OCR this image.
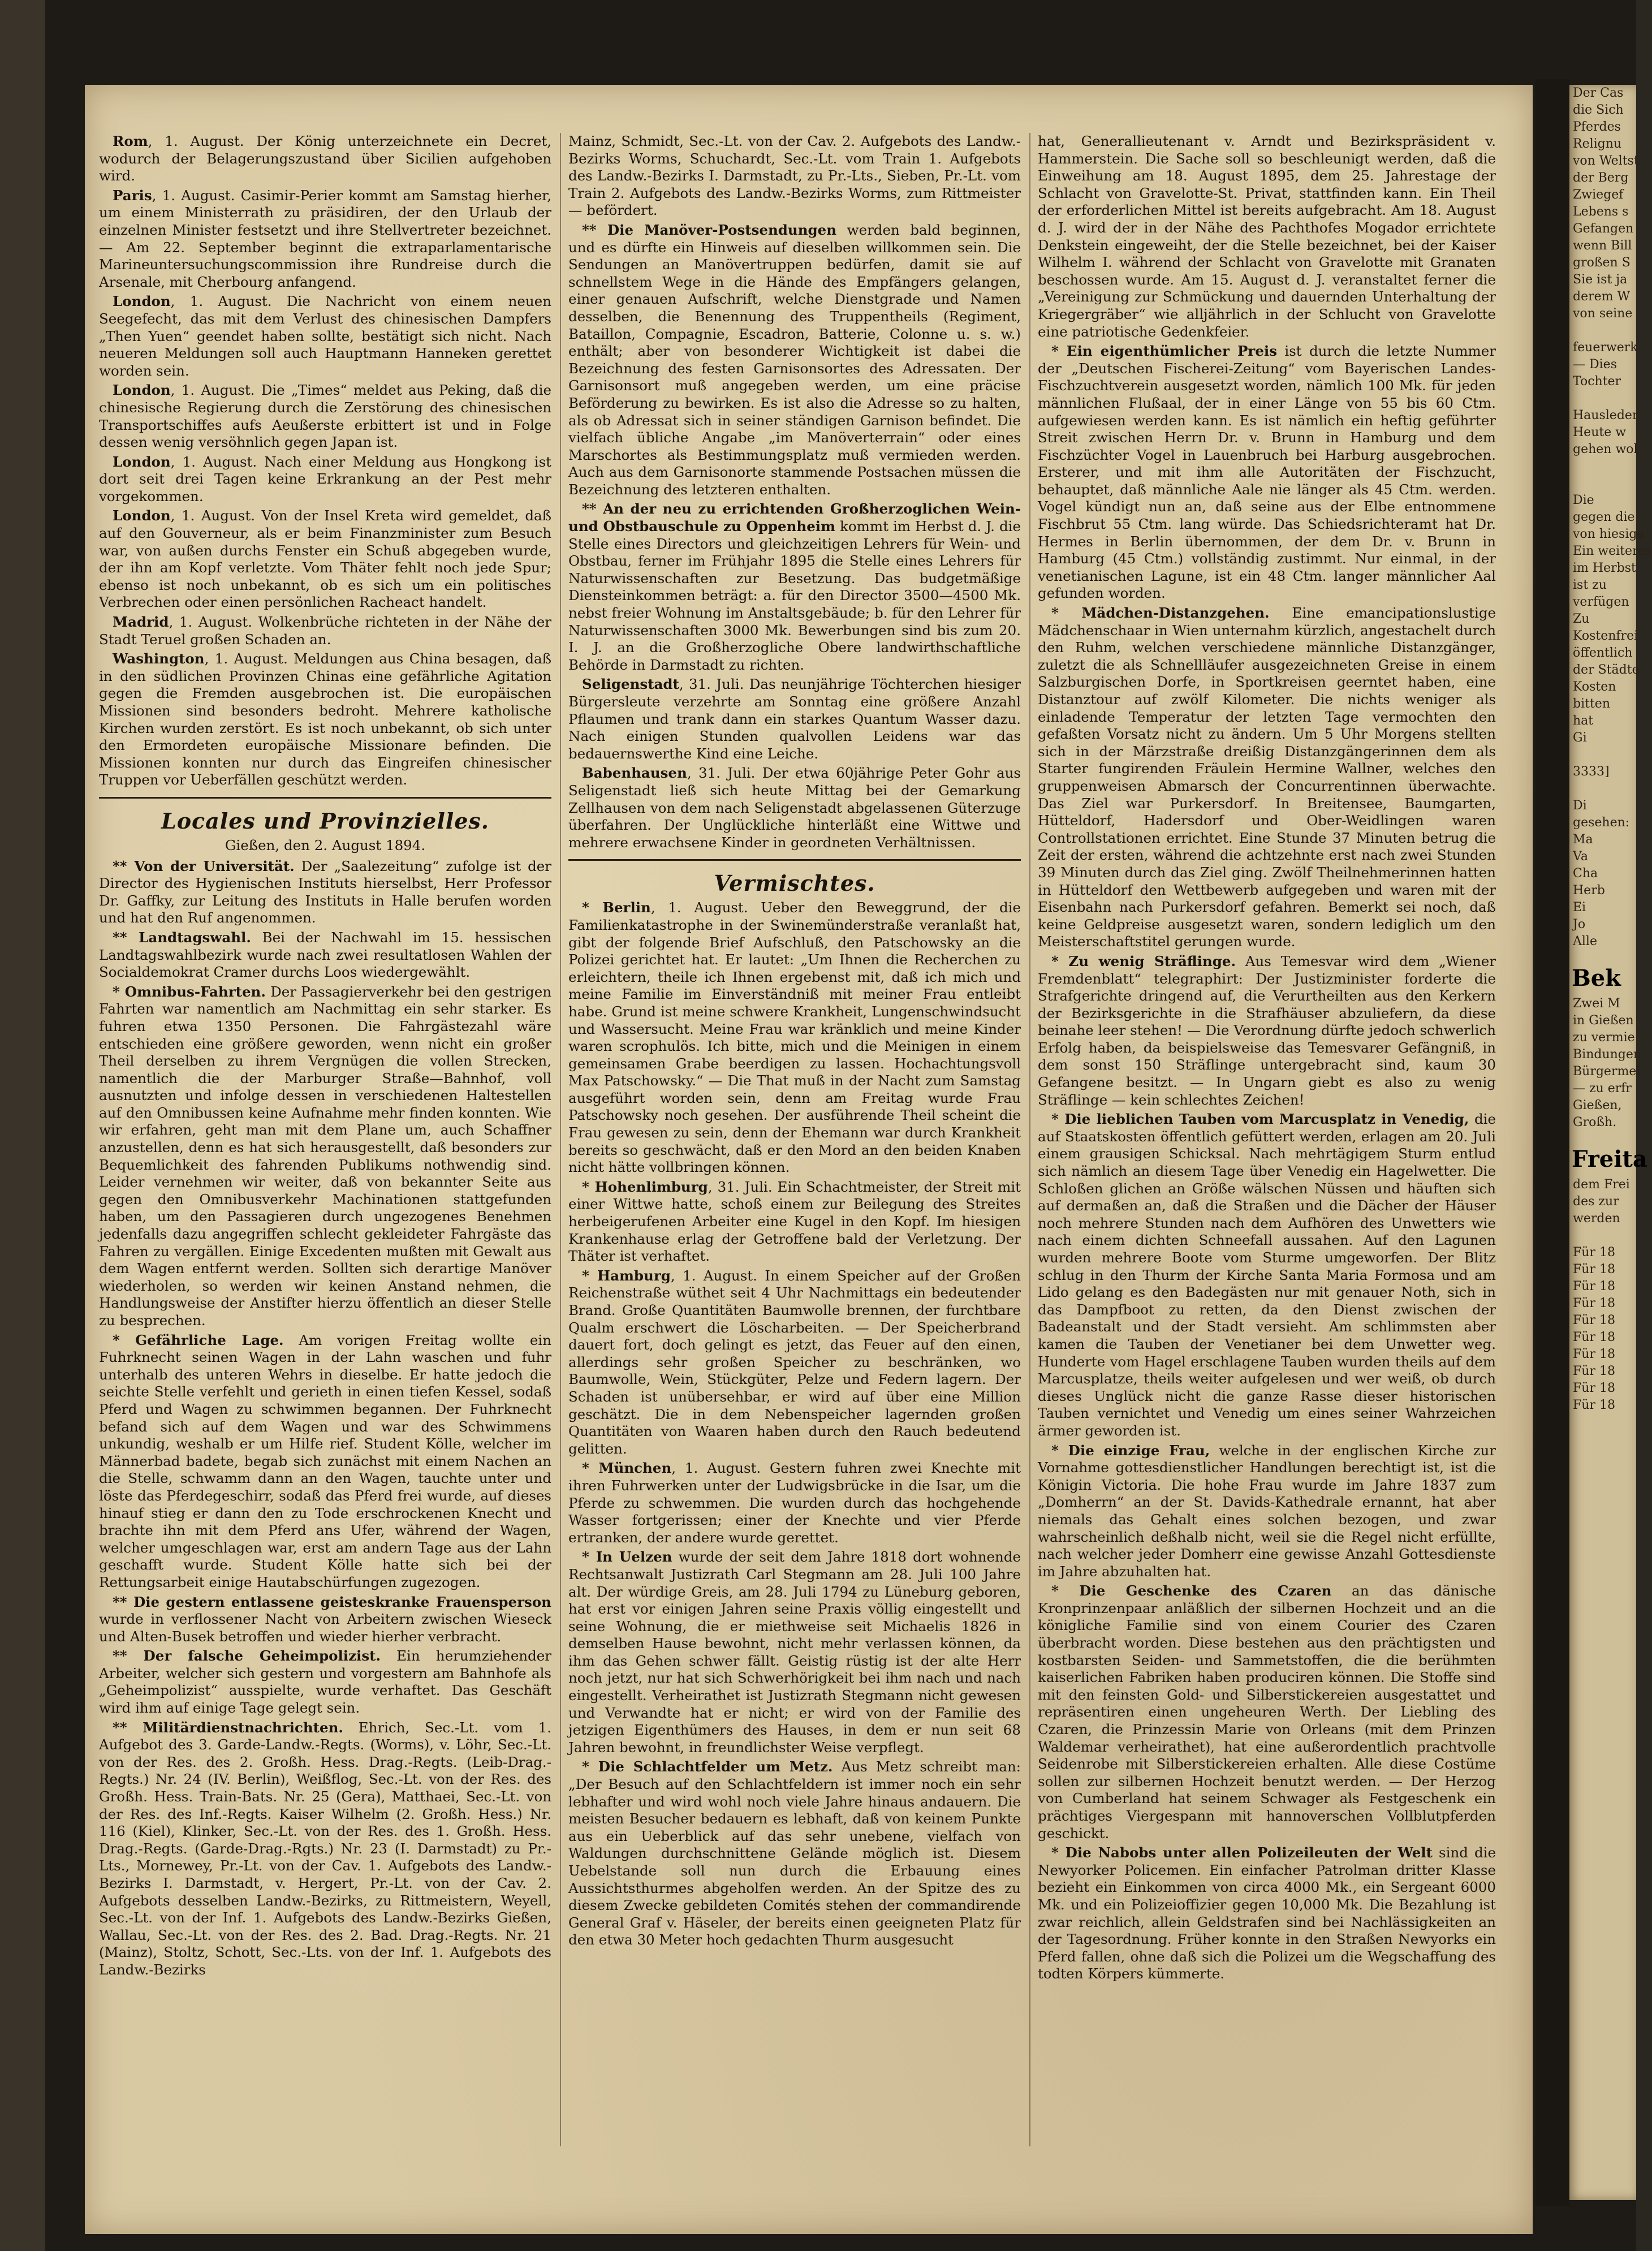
Rom, 1. August. Der König unterzeichnete ein Decret, wodurch der Belagerungszustand über Sicilien aufgehoben wird.

Paris, 1. August. Casimir-Perier kommt am Samstag hierher, um einem Ministerrath zu präsidiren, der den Urlaub der einzelnen Minister festsetzt und ihre Stellvertreter bezeichnet. — Am 22. September beginnt die extraparlamentarische Marineuntersuchungscommission ihre Rundreise durch die Arsenale, mit Cherbourg anfangend.

London, 1. August. Die Nachricht von einem neuen Seegefecht, das mit dem Verlust des chinesischen Dampfers „Then Yuen“ geendet haben sollte, bestätigt sich nicht. Nach neueren Meldungen soll auch Hauptmann Hanneken gerettet worden sein.

London, 1. August. Die „Times“ meldet aus Peking, daß die chinesische Regierung durch die Zerstörung des chinesischen Transportschiffes aufs Aeußerste erbittert ist und in Folge dessen wenig versöhnlich gegen Japan ist.

London, 1. August. Nach einer Meldung aus Hongkong ist dort seit drei Tagen keine Erkrankung an der Pest mehr vorgekommen.

London, 1. August. Von der Insel Kreta wird gemeldet, daß auf den Gouverneur, als er beim Finanzminister zum Besuch war, von außen durchs Fenster ein Schuß abgegeben wurde, der ihn am Kopf verletzte. Vom Thäter fehlt noch jede Spur; ebenso ist noch unbekannt, ob es sich um ein politisches Verbrechen oder einen persönlichen Racheact handelt.

Madrid, 1. August. Wolkenbrüche richteten in der Nähe der Stadt Teruel großen Schaden an.

Washington, 1. August. Meldungen aus China besagen, daß in den südlichen Provinzen Chinas eine gefährliche Agitation gegen die Fremden ausgebrochen ist. Die europäischen Missionen sind besonders bedroht. Mehrere katholische Kirchen wurden zerstört. Es ist noch unbekannt, ob sich unter den Ermordeten europäische Missionare befinden. Die Missionen konnten nur durch das Eingreifen chinesischer Truppen vor Ueberfällen geschützt werden.

Locales und Provinzielles.
Gießen, den 2. August 1894.

** Von der Universität. Der „Saalezeitung“ zufolge ist der Director des Hygienischen Instituts hierselbst, Herr Professor Dr. Gaffky, zur Leitung des Instituts in Halle berufen worden und hat den Ruf angenommen.

** Landtagswahl. Bei der Nachwahl im 15. hessischen Landtagswahlbezirk wurde nach zwei resultatlosen Wahlen der Socialdemokrat Cramer durchs Loos wiedergewählt.

* Omnibus-Fahrten. Der Passagierverkehr bei den gestrigen Fahrten war namentlich am Nachmittag ein sehr starker. Es fuhren etwa 1350 Personen. Die Fahrgästezahl wäre entschieden eine größere geworden, wenn nicht ein großer Theil derselben zu ihrem Vergnügen die vollen Strecken, namentlich die der Marburger Straße—Bahnhof, voll ausnutzten und infolge dessen in verschiedenen Haltestellen auf den Omnibussen keine Aufnahme mehr finden konnten. Wie wir erfahren, geht man mit dem Plane um, auch Schaffner anzustellen, denn es hat sich herausgestellt, daß besonders zur Bequemlichkeit des fahrenden Publikums nothwendig sind. Leider vernehmen wir weiter, daß von bekannter Seite aus gegen den Omnibusverkehr Machinationen stattgefunden haben, um den Passagieren durch ungezogenes Benehmen jedenfalls dazu angegriffen schlecht gekleideter Fahrgäste das Fahren zu vergällen. Einige Excedenten mußten mit Gewalt aus dem Wagen entfernt werden. Sollten sich derartige Manöver wiederholen, so werden wir keinen Anstand nehmen, die Handlungsweise der Anstifter hierzu öffentlich an dieser Stelle zu besprechen.

* Gefährliche Lage. Am vorigen Freitag wollte ein Fuhrknecht seinen Wagen in der Lahn waschen und fuhr unterhalb des unteren Wehrs in dieselbe. Er hatte jedoch die seichte Stelle verfehlt und gerieth in einen tiefen Kessel, sodaß Pferd und Wagen zu schwimmen begannen. Der Fuhrknecht befand sich auf dem Wagen und war des Schwimmens unkundig, weshalb er um Hilfe rief. Student Kölle, welcher im Männerbad badete, begab sich zunächst mit einem Nachen an die Stelle, schwamm dann an den Wagen, tauchte unter und löste das Pferdegeschirr, sodaß das Pferd frei wurde, auf dieses hinauf stieg er dann den zu Tode erschrockenen Knecht und brachte ihn mit dem Pferd ans Ufer, während der Wagen, welcher umgeschlagen war, erst am andern Tage aus der Lahn geschafft wurde. Student Kölle hatte sich bei der Rettungsarbeit einige Hautabschürfungen zugezogen.

** Die gestern entlassene geisteskranke Frauensperson wurde in verflossener Nacht von Arbeitern zwischen Wieseck und Alten-Busek betroffen und wieder hierher verbracht.

** Der falsche Geheimpolizist. Ein herumziehender Arbeiter, welcher sich gestern und vorgestern am Bahnhofe als „Geheimpolizist“ ausspielte, wurde verhaftet. Das Geschäft wird ihm auf einige Tage gelegt sein.

** Militärdienstnachrichten. Ehrich, Sec.-Lt. vom 1. Aufgebot des 3. Garde-Landw.-Regts. (Worms), v. Löhr, Sec.-Lt. von der Res. des 2. Großh. Hess. Drag.-Regts. (Leib-Drag.-Regts.) Nr. 24 (IV. Berlin), Weißflog, Sec.-Lt. von der Res. des Großh. Hess. Train-Bats. Nr. 25 (Gera), Matthaei, Sec.-Lt. von der Res. des Inf.-Regts. Kaiser Wilhelm (2. Großh. Hess.) Nr. 116 (Kiel), Klinker, Sec.-Lt. von der Res. des 1. Großh. Hess. Drag.-Regts. (Garde-Drag.-Rgts.) Nr. 23 (I. Darmstadt) zu Pr.-Lts., Mornewey, Pr.-Lt. von der Cav. 1. Aufgebots des Landw.-Bezirks I. Darmstadt, v. Hergert, Pr.-Lt. von der Cav. 2. Aufgebots desselben Landw.-Bezirks, zu Rittmeistern, Weyell, Sec.-Lt. von der Inf. 1. Aufgebots des Landw.-Bezirks Gießen, Wallau, Sec.-Lt. von der Res. des 2. Bad. Drag.-Regts. Nr. 21 (Mainz), Stoltz, Schott, Sec.-Lts. von der Inf. 1. Aufgebots des Landw.-Bezirks

Mainz, Schmidt, Sec.-Lt. von der Cav. 2. Aufgebots des Landw.-Bezirks Worms, Schuchardt, Sec.-Lt. vom Train 1. Aufgebots des Landw.-Bezirks I. Darmstadt, zu Pr.-Lts., Sieben, Pr.-Lt. vom Train 2. Aufgebots des Landw.-Bezirks Worms, zum Rittmeister — befördert.

** Die Manöver-Postsendungen werden bald beginnen, und es dürfte ein Hinweis auf dieselben willkommen sein. Die Sendungen an Manövertruppen bedürfen, damit sie auf schnellstem Wege in die Hände des Empfängers gelangen, einer genauen Aufschrift, welche Dienstgrade und Namen desselben, die Benennung des Truppentheils (Regiment, Bataillon, Compagnie, Escadron, Batterie, Colonne u. s. w.) enthält; aber von besonderer Wichtigkeit ist dabei die Bezeichnung des festen Garnisonsortes des Adressaten. Der Garnisonsort muß angegeben werden, um eine präcise Beförderung zu bewirken. Es ist also die Adresse so zu halten, als ob Adressat sich in seiner ständigen Garnison befindet. Die vielfach übliche Angabe „im Manöverterrain“ oder eines Marschortes als Bestimmungsplatz muß vermieden werden. Auch aus dem Garnisonorte stammende Postsachen müssen die Bezeichnung des letzteren enthalten.

** An der neu zu errichtenden Großherzoglichen Wein- und Obstbauschule zu Oppenheim kommt im Herbst d. J. die Stelle eines Directors und gleichzeitigen Lehrers für Wein- und Obstbau, ferner im Frühjahr 1895 die Stelle eines Lehrers für Naturwissenschaften zur Besetzung. Das budgetmäßige Diensteinkommen beträgt: a. für den Director 3500—4500 Mk. nebst freier Wohnung im Anstaltsgebäude; b. für den Lehrer für Naturwissenschaften 3000 Mk. Bewerbungen sind bis zum 20. I. J. an die Großherzogliche Obere landwirthschaftliche Behörde in Darmstadt zu richten.

Seligenstadt, 31. Juli. Das neunjährige Töchterchen hiesiger Bürgersleute verzehrte am Sonntag eine größere Anzahl Pflaumen und trank dann ein starkes Quantum Wasser dazu. Nach einigen Stunden qualvollen Leidens war das bedauernswerthe Kind eine Leiche.

Babenhausen, 31. Juli. Der etwa 60jährige Peter Gohr aus Seligenstadt ließ sich heute Mittag bei der Gemarkung Zellhausen von dem nach Seligenstadt abgelassenen Güterzuge überfahren. Der Unglückliche hinterläßt eine Wittwe und mehrere erwachsene Kinder in geordneten Verhältnissen.

Vermischtes.

* Berlin, 1. August. Ueber den Beweggrund, der die Familienkatastrophe in der Swinemünderstraße veranlaßt hat, gibt der folgende Brief Aufschluß, den Patschowsky an die Polizei gerichtet hat. Er lautet: „Um Ihnen die Recherchen zu erleichtern, theile ich Ihnen ergebenst mit, daß ich mich und meine Familie im Einverständniß mit meiner Frau entleibt habe. Grund ist meine schwere Krankheit, Lungenschwindsucht und Wassersucht. Meine Frau war kränklich und meine Kinder waren scrophulös. Ich bitte, mich und die Meinigen in einem gemeinsamen Grabe beerdigen zu lassen. Hochachtungsvoll Max Patschowsky.“ — Die That muß in der Nacht zum Samstag ausgeführt worden sein, denn am Freitag wurde Frau Patschowsky noch gesehen. Der ausführende Theil scheint die Frau gewesen zu sein, denn der Ehemann war durch Krankheit bereits so geschwächt, daß er den Mord an den beiden Knaben nicht hätte vollbringen können.

* Hohenlimburg, 31. Juli. Ein Schachtmeister, der Streit mit einer Wittwe hatte, schoß einem zur Beilegung des Streites herbeigerufenen Arbeiter eine Kugel in den Kopf. Im hiesigen Krankenhause erlag der Getroffene bald der Verletzung. Der Thäter ist verhaftet.

* Hamburg, 1. August. In einem Speicher auf der Großen Reichenstraße wüthet seit 4 Uhr Nachmittags ein bedeutender Brand. Große Quantitäten Baumwolle brennen, der furchtbare Qualm erschwert die Löscharbeiten. — Der Speicherbrand dauert fort, doch gelingt es jetzt, das Feuer auf den einen, allerdings sehr großen Speicher zu beschränken, wo Baumwolle, Wein, Stückgüter, Pelze und Federn lagern. Der Schaden ist unübersehbar, er wird auf über eine Million geschätzt. Die in dem Nebenspeicher lagernden großen Quantitäten von Waaren haben durch den Rauch bedeutend gelitten.

* München, 1. August. Gestern fuhren zwei Knechte mit ihren Fuhrwerken unter der Ludwigsbrücke in die Isar, um die Pferde zu schwemmen. Die wurden durch das hochgehende Wasser fortgerissen; einer der Knechte und vier Pferde ertranken, der andere wurde gerettet.

* In Uelzen wurde der seit dem Jahre 1818 dort wohnende Rechtsanwalt Justizrath Carl Stegmann am 28. Juli 100 Jahre alt. Der würdige Greis, am 28. Juli 1794 zu Lüneburg geboren, hat erst vor einigen Jahren seine Praxis völlig eingestellt und seine Wohnung, die er miethweise seit Michaelis 1826 in demselben Hause bewohnt, nicht mehr verlassen können, da ihm das Gehen schwer fällt. Geistig rüstig ist der alte Herr noch jetzt, nur hat sich Schwerhörigkeit bei ihm nach und nach eingestellt. Verheirathet ist Justizrath Stegmann nicht gewesen und Verwandte hat er nicht; er wird von der Familie des jetzigen Eigenthümers des Hauses, in dem er nun seit 68 Jahren bewohnt, in freundlichster Weise verpflegt.

* Die Schlachtfelder um Metz. Aus Metz schreibt man: „Der Besuch auf den Schlachtfeldern ist immer noch ein sehr lebhafter und wird wohl noch viele Jahre hinaus andauern. Die meisten Besucher bedauern es lebhaft, daß von keinem Punkte aus ein Ueberblick auf das sehr unebene, vielfach von Waldungen durchschnittene Gelände möglich ist. Diesem Uebelstande soll nun durch die Erbauung eines Aussichtsthurmes abgeholfen werden. An der Spitze des zu diesem Zwecke gebildeten Comités stehen der commandirende General Graf v. Häseler, der bereits einen geeigneten Platz für den etwa 30 Meter hoch gedachten Thurm ausgesucht

hat, Generallieutenant v. Arndt und Bezirkspräsident v. Hammerstein. Die Sache soll so beschleunigt werden, daß die Einweihung am 18. August 1895, dem 25. Jahrestage der Schlacht von Gravelotte-St. Privat, stattfinden kann. Ein Theil der erforderlichen Mittel ist bereits aufgebracht. Am 18. August d. J. wird der in der Nähe des Pachthofes Mogador errichtete Denkstein eingeweiht, der die Stelle bezeichnet, bei der Kaiser Wilhelm I. während der Schlacht von Gravelotte mit Granaten beschossen wurde. Am 15. August d. J. veranstaltet ferner die „Vereinigung zur Schmückung und dauernden Unterhaltung der Kriegergräber“ wie alljährlich in der Schlucht von Gravelotte eine patriotische Gedenkfeier.

* Ein eigenthümlicher Preis ist durch die letzte Nummer der „Deutschen Fischerei-Zeitung“ vom Bayerischen Landes-Fischzuchtverein ausgesetzt worden, nämlich 100 Mk. für jeden männlichen Flußaal, der in einer Länge von 55 bis 60 Ctm. aufgewiesen werden kann. Es ist nämlich ein heftig geführter Streit zwischen Herrn Dr. v. Brunn in Hamburg und dem Fischzüchter Vogel in Lauenbruch bei Harburg ausgebrochen. Ersterer, und mit ihm alle Autoritäten der Fischzucht, behauptet, daß männliche Aale nie länger als 45 Ctm. werden. Vogel kündigt nun an, daß seine aus der Elbe entnommene Fischbrut 55 Ctm. lang würde. Das Schiedsrichteramt hat Dr. Hermes in Berlin übernommen, der dem Dr. v. Brunn in Hamburg (45 Ctm.) vollständig zustimmt. Nur einmal, in der venetianischen Lagune, ist ein 48 Ctm. langer männlicher Aal gefunden worden.

* Mädchen-Distanzgehen. Eine emancipationslustige Mädchenschaar in Wien unternahm kürzlich, angestachelt durch den Ruhm, welchen verschiedene männliche Distanzgänger, zuletzt die als Schnellläufer ausgezeichneten Greise in einem Salzburgischen Dorfe, in Sportkreisen geerntet haben, eine Distanztour auf zwölf Kilometer. Die nichts weniger als einladende Temperatur der letzten Tage vermochten den gefaßten Vorsatz nicht zu ändern. Um 5 Uhr Morgens stellten sich in der Märzstraße dreißig Distanzgängerinnen dem als Starter fungirenden Fräulein Hermine Wallner, welches den gruppenweisen Abmarsch der Concurrentinnen überwachte. Das Ziel war Purkersdorf. In Breitensee, Baumgarten, Hütteldorf, Hadersdorf und Ober-Weidlingen waren Controllstationen errichtet. Eine Stunde 37 Minuten betrug die Zeit der ersten, während die achtzehnte erst nach zwei Stunden 39 Minuten durch das Ziel ging. Zwölf Theilnehmerinnen hatten in Hütteldorf den Wettbewerb aufgegeben und waren mit der Eisenbahn nach Purkersdorf gefahren. Bemerkt sei noch, daß keine Geldpreise ausgesetzt waren, sondern lediglich um den Meisterschaftstitel gerungen wurde.

* Zu wenig Sträflinge. Aus Temesvar wird dem „Wiener Fremdenblatt“ telegraphirt: Der Justizminister forderte die Strafgerichte dringend auf, die Verurtheilten aus den Kerkern der Bezirksgerichte in die Strafhäuser abzuliefern, da diese beinahe leer stehen! — Die Verordnung dürfte jedoch schwerlich Erfolg haben, da beispielsweise das Temesvarer Gefängniß, in dem sonst 150 Sträflinge untergebracht sind, kaum 30 Gefangene besitzt. — In Ungarn giebt es also zu wenig Sträflinge — kein schlechtes Zeichen!

* Die lieblichen Tauben vom Marcusplatz in Venedig, die auf Staatskosten öffentlich gefüttert werden, erlagen am 20. Juli einem grausigen Schicksal. Nach mehrtägigem Sturm entlud sich nämlich an diesem Tage über Venedig ein Hagelwetter. Die Schloßen glichen an Größe wälschen Nüssen und häuften sich auf dermaßen an, daß die Straßen und die Dächer der Häuser noch mehrere Stunden nach dem Aufhören des Unwetters wie nach einem dichten Schneefall aussahen. Auf den Lagunen wurden mehrere Boote vom Sturme umgeworfen. Der Blitz schlug in den Thurm der Kirche Santa Maria Formosa und am Lido gelang es den Badegästen nur mit genauer Noth, sich in das Dampfboot zu retten, da den Dienst zwischen der Badeanstalt und der Stadt versieht. Am schlimmsten aber kamen die Tauben der Venetianer bei dem Unwetter weg. Hunderte vom Hagel erschlagene Tauben wurden theils auf dem Marcusplatze, theils weiter aufgelesen und wer weiß, ob durch dieses Unglück nicht die ganze Rasse dieser historischen Tauben vernichtet und Venedig um eines seiner Wahrzeichen ärmer geworden ist.

* Die einzige Frau, welche in der englischen Kirche zur Vornahme gottesdienstlicher Handlungen berechtigt ist, ist die Königin Victoria. Die hohe Frau wurde im Jahre 1837 zum „Domherrn“ an der St. Davids-Kathedrale ernannt, hat aber niemals das Gehalt eines solchen bezogen, und zwar wahrscheinlich deßhalb nicht, weil sie die Regel nicht erfüllte, nach welcher jeder Domherr eine gewisse Anzahl Gottesdienste im Jahre abzuhalten hat.

* Die Geschenke des Czaren an das dänische Kronprinzenpaar anläßlich der silbernen Hochzeit und an die königliche Familie sind von einem Courier des Czaren überbracht worden. Diese bestehen aus den prächtigsten und kostbarsten Seiden- und Sammetstoffen, die die berühmten kaiserlichen Fabriken haben produciren können. Die Stoffe sind mit den feinsten Gold- und Silberstickereien ausgestattet und repräsentiren einen ungeheuren Werth. Der Liebling des Czaren, die Prinzessin Marie von Orleans (mit dem Prinzen Waldemar verheirathet), hat eine außerordentlich prachtvolle Seidenrobe mit Silberstickereien erhalten. Alle diese Costüme sollen zur silbernen Hochzeit benutzt werden. — Der Herzog von Cumberland hat seinem Schwager als Festgeschenk ein prächtiges Viergespann mit hannoverschen Vollblutpferden geschickt.

* Die Nabobs unter allen Polizeileuten der Welt sind die Newyorker Policemen. Ein einfacher Patrolman dritter Klasse bezieht ein Einkommen von circa 4000 Mk., ein Sergeant 6000 Mk. und ein Polizeioffizier gegen 10,000 Mk. Die Bezahlung ist zwar reichlich, allein Geldstrafen sind bei Nachlässigkeiten an der Tagesordnung. Früher konnte in den Straßen Newyorks ein Pferd fallen, ohne daß sich die Polizei um die Wegschaffung des todten Körpers kümmerte.

Der Cas
die Sich
Pferdes
Relignu
von Weltst
der Berg
Zwiegef
Lebens s
Gefangen
wenn Bill
großen S
Sie ist ja
derem W
von seine

feuerwerk
— Dies
Tochter

Hausleder
Heute w
gehen wol

Die
gegen die
von hiesige
Ein weiteres
im Herbst
ist zu
verfügen
Zu
Kostenfrei
öffentlich
der Städte
Kosten
bitten
hat
Gi

3333]

Di
gesehen:
Ma
Va
Cha
Herb
Ei
Jo
Alle
Bek
Zwei M
in Gießen
zu vermie
Bindungen
Bürgermei
— zu erfr
Gießen,
Großh.
Freita
dem Frei
des zur
werden

Für 18
Für 18
Für 18
Für 18
Für 18
Für 18
Für 18
Für 18
Für 18
Für 18
